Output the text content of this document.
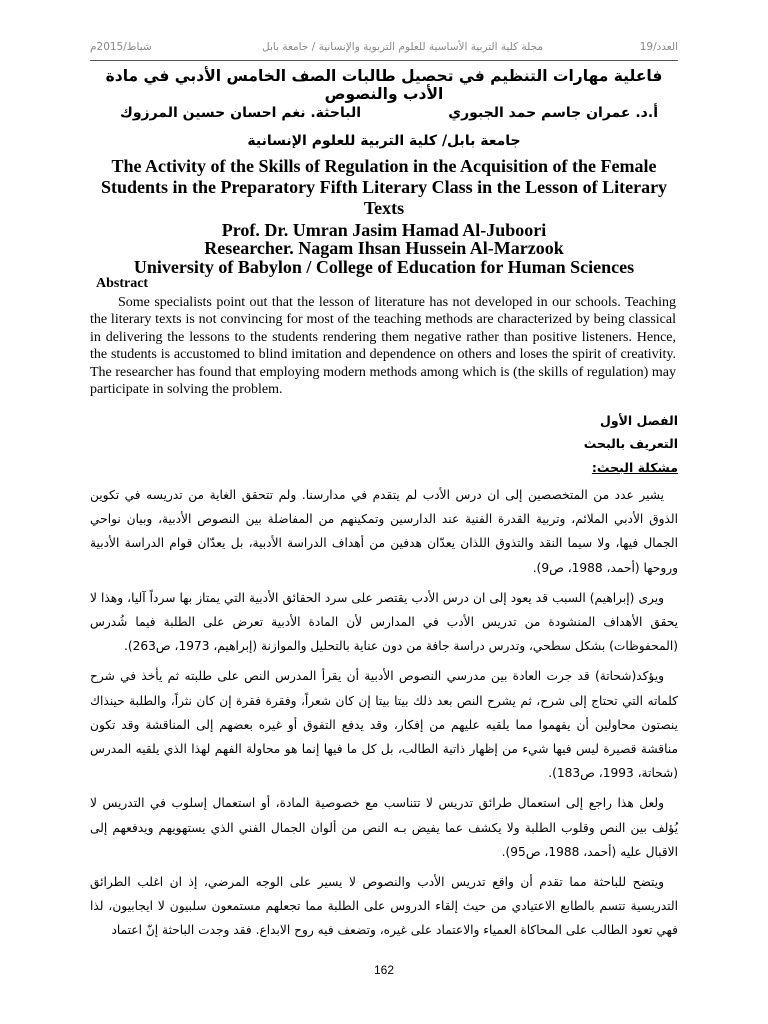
العدد/19
مجلة كلية التربية الأساسية للعلوم التربوية والإنسانية / جامعة بابل
شباط/2015م
فاعلية مهارات التنظيم في تحصيل طالبات الصف الخامس الأدبي في مادة الأدب والنصوص
أ.د. عمران جاسم حمد الجبوري
الباحثة. نغم احسان حسين المرزوك
جامعة بابل/ كلية التربية للعلوم الإنسانية
The Activity of the Skills of Regulation in the Acquisition of the Female Students in the Preparatory Fifth Literary Class in the Lesson of Literary Texts
Prof. Dr. Umran Jasim Hamad Al-Juboori
Researcher. Nagam Ihsan Hussein Al-Marzook
University of Babylon / College of Education for Human Sciences
Abstract
Some specialists point out that the lesson of literature has not developed in our schools. Teaching the literary texts is not convincing for most of the teaching methods are characterized by being classical in delivering the lessons to the students rendering them negative rather than positive listeners. Hence, the students is accustomed to blind imitation and dependence on others and loses the spirit of creativity. The researcher has found that employing modern methods among which is (the skills of regulation) may participate in solving the problem.
الفصل الأول
التعريف بالبحث
مشكلة البحث:

يشير عدد من المتخصصين إلى ان درس الأدب لم يتقدم في مدارسنا. ولم تتحقق الغاية من تدريسه في تكوين الذوق الأدبي الملائم، وتربية القدرة الفنية عند الدارسين وتمكينهم من المفاضلة بين النصوص الأدبية، وبيان نواحي الجمال فيها، ولا سيما النقد والتذوق اللذان يعدّان هدفين من أهداف الدراسة الأدبية، بل يعدّان قوام الدراسة الأدبية وروحها (أحمد، 1988، ص9).

ويرى (إبراهيم) السبب قد يعود إلى ان درس الأدب يقتصر على سرد الحقائق الأدبية التي يمتاز بها سرداً آليا، وهذا لا يحقق الأهداف المنشودة من تدريس الأدب في المدارس لأن المادة الأدبية تعرض على الطلبة فيما شُدرس (المحفوظات) بشكل سطحي، وتدرس دراسة جافة من دون عناية بالتحليل والموازنة (إبراهيم، 1973، ص263).

ويؤكد(شحاتة) قد جرت العادة بين مدرسي النصوص الأدبية أن يقرأ المدرس النص على طلبته ثم يأخذ في شرح كلماته التي تحتاج إلى شرح، ثم يشرح النص بعد ذلك بيتا بيتا إن كان شعراً، وفقرة فقرة إن كان نثراً، والطلبة حينذاك ينصتون محاولين أن يفهموا مما يلقيه عليهم من إفكار، وقد يدفع التفوق أو غيره بعضهم إلى المناقشة وقد تكون مناقشة قصيرة ليس فيها شيء من إظهار ذاتية الطالب، بل كل ما فيها إنما هو محاولة الفهم لهذا الذي يلقيه المدرس (شحاتة، 1993، ص183).

ولعل هذا راجع إلى استعمال طرائق تدريس لا تتناسب مع خصوصية المادة، أو استعمال إسلوب في التدريس لا يُؤلف بين النص وقلوب الطلبة ولا يكشف عما يفيض بـه النص من ألوان الجمال الفني الذي يستهويهم ويدفعهم إلى الاقبال عليه (أحمد، 1988، ص95).

ويتضح للباحثة مما تقدم أن واقع تدريس الأدب والنصوص لا يسير على الوجه المرضي، إذ ان اغلب الطرائق التدريسية تتسم بالطابع الاعتيادي من حيث إلقاء الدروس على الطلبة مما تجعلهم مستمعون سلبيون لا ايجابيون، لذا فهي تعود الطالب على المحاكاة العمياء والاعتماد على غيره، وتضعف فيه روح الابداع. فقد وجدت الباحثة إنّ اعتماد

162
